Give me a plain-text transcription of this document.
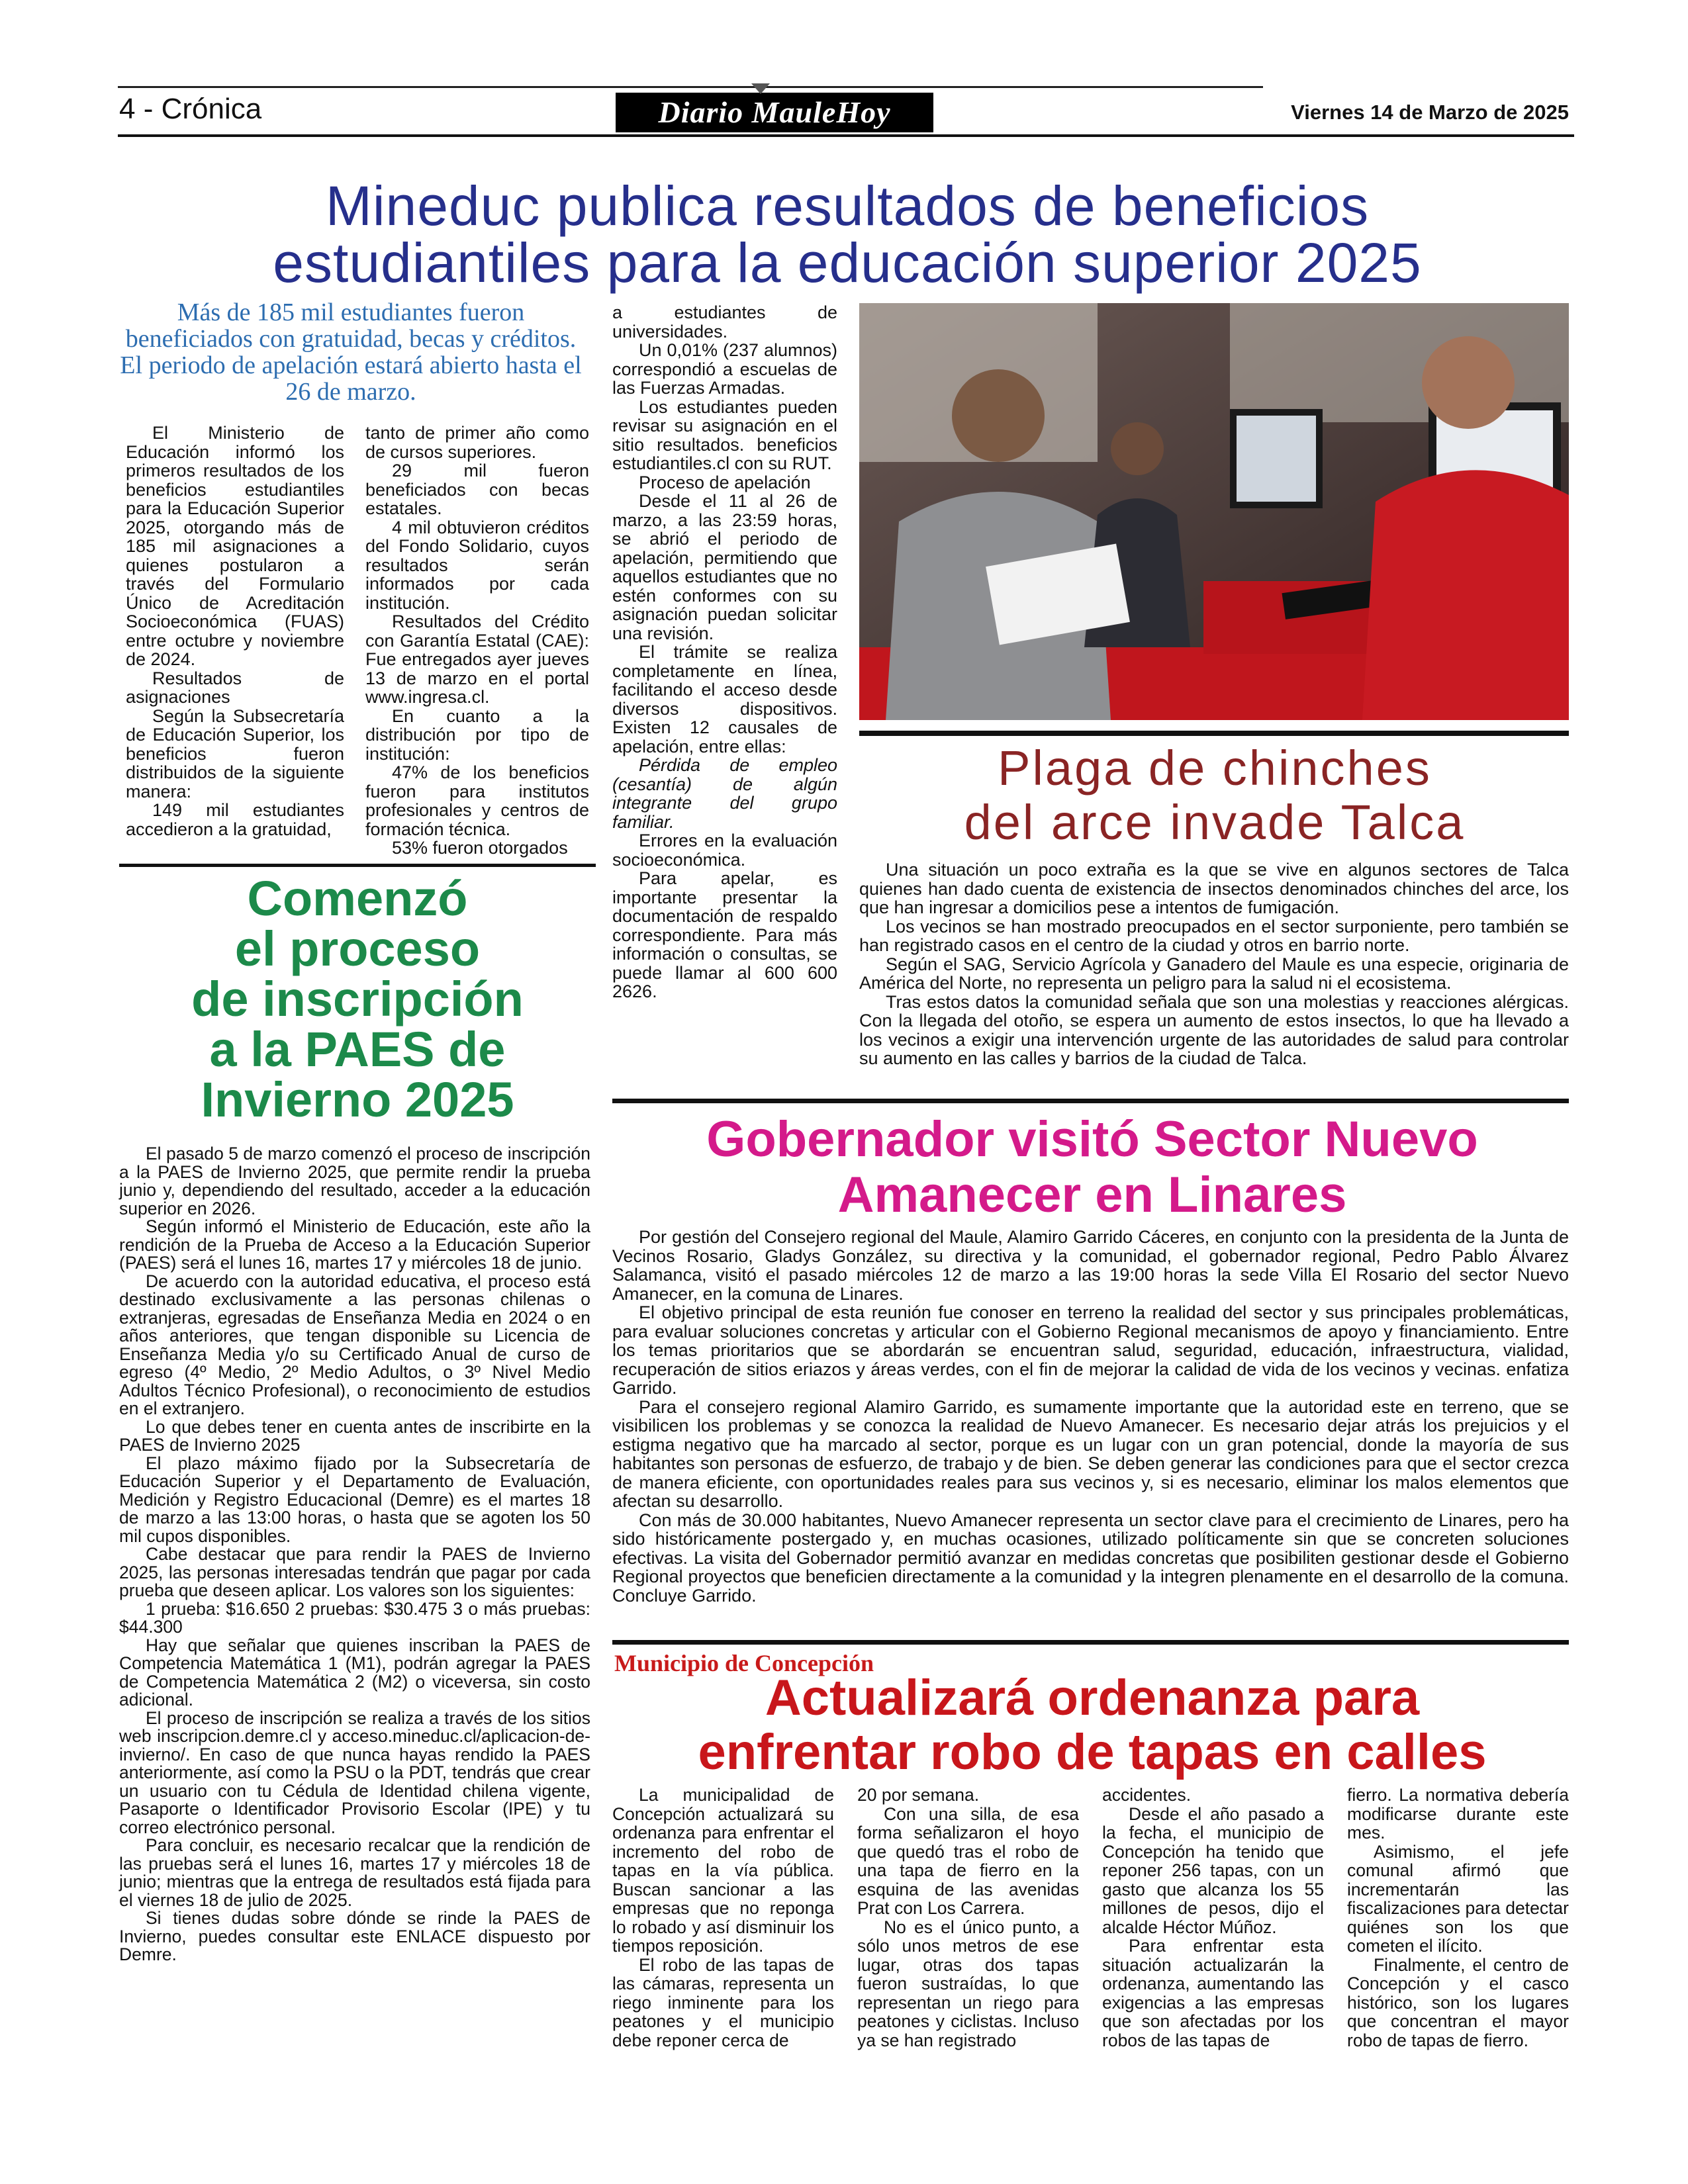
4 - Crónica	Diario MauleHoy	Viernes 14 de Marzo de 2025
Mineduc publica resultados de beneficios
estudiantiles para la educación superior 2025
Más de 185 mil estudiantes fueron beneficiados con gratuidad, becas y créditos. El periodo de apelación estará abierto hasta el 26 de marzo.

El Ministerio de Educación informó los primeros resultados de los beneficios estudiantiles para la Educación Superior 2025, otorgando más de 185 mil asignaciones a quienes postularon a través del Formulario Único de Acreditación Socioeconómica (FUAS) entre octubre y noviembre de 2024.

Resultados de asignaciones

Según la Subsecretaría de Educación Superior, los beneficios fueron distribuidos de la siguiente manera:

149 mil estudiantes accedieron a la gratuidad,

tanto de primer año como de cursos superiores.

29 mil fueron beneficiados con becas estatales.

4 mil obtuvieron créditos del Fondo Solidario, cuyos resultados serán informados por cada institución.

Resultados del Crédito con Garantía Estatal (CAE): Fue entregados ayer jueves 13 de marzo en el portal www.ingresa.cl.

En cuanto a la distribución por tipo de institución:

47% de los beneficios fueron para institutos profesionales y centros de formación técnica.

53% fueron otorgados

a estudiantes de universidades.

Un 0,01% (237 alumnos) correspondió a escuelas de las Fuerzas Armadas.

Los estudiantes pueden revisar su asignación en el sitio resultados. beneficios estudiantiles.cl con su RUT.

Proceso de apelación

Desde el 11 al 26 de marzo, a las 23:59 horas, se abrió el periodo de apelación, permitiendo que aquellos estudiantes que no estén conformes con su asignación puedan solicitar una revisión.

El trámite se realiza completamente en línea, facilitando el acceso desde diversos dispositivos. Existen 12 causales de apelación, entre ellas:

Pérdida de empleo (cesantía) de algún integrante del grupo familiar.

Errores en la evaluación socioeconómica.

Para apelar, es importante presentar la documentación de respaldo correspondiente. Para más información o consultas, se puede llamar al 600 600 2626.

Plaga de chinches
del arce invade Talca

Una situación un poco extraña es la que se vive en algunos sectores de Talca quienes han dado cuenta de existencia de insectos denominados chinches del arce, los que han ingresar a domicilios pese a intentos de fumigación.

Los vecinos se han mostrado preocupados en el sector surponiente, pero también se han registrado casos en el centro de la ciudad y otros en barrio norte.

Según el SAG, Servicio Agrícola y Ganadero del Maule es una especie, originaria de América del Norte, no representa un peligro para la salud ni el ecosistema.

Tras estos datos la comunidad señala que son una molestias y reacciones alérgicas. Con la llegada del otoño, se espera un aumento de estos insectos, lo que ha llevado a los vecinos a exigir una intervención urgente de las autoridades de salud para controlar su aumento en las calles y barrios de la ciudad de Talca.

Comenzó
el proceso
de inscripción
a la PAES de
Invierno 2025

El pasado 5 de marzo comenzó el proceso de inscripción a la PAES de Invierno 2025, que permite rendir la prueba junio y, dependiendo del resultado, acceder a la educación superior en 2026.

Según informó el Ministerio de Educación, este año la rendición de la Prueba de Acceso a la Educación Superior (PAES) será el lunes 16, martes 17 y miércoles 18 de junio.

De acuerdo con la autoridad educativa, el proceso está destinado exclusivamente a las personas chilenas o extranjeras, egresadas de Enseñanza Media en 2024 o en años anteriores, que tengan disponible su Licencia de Enseñanza Media y/o su Certificado Anual de curso de egreso (4º Medio, 2º Medio Adultos, o 3º Nivel Medio Adultos Técnico Profesional), o reconocimiento de estudios en el extranjero.

Lo que debes tener en cuenta antes de inscribirte en la PAES de Invierno 2025

El plazo máximo fijado por la Subsecretaría de Educación Superior y el Departamento de Evaluación, Medición y Registro Educacional (Demre) es el martes 18 de marzo a las 13:00 horas, o hasta que se agoten los 50 mil cupos disponibles.

Cabe destacar que para rendir la PAES de Invierno 2025, las personas interesadas tendrán que pagar por cada prueba que deseen aplicar. Los valores son los siguientes:

1 prueba: $16.650 2 pruebas: $30.475 3 o más pruebas: $44.300

Hay que señalar que quienes inscriban la PAES de Competencia Matemática 1 (M1), podrán agregar la PAES de Competencia Matemática 2 (M2) o viceversa, sin costo adicional.

El proceso de inscripción se realiza a través de los sitios web inscripcion.demre.cl y acceso.mineduc.cl/aplicacion-de-invierno/. En caso de que nunca hayas rendido la PAES anteriormente, así como la PSU o la PDT, tendrás que crear un usuario con tu Cédula de Identidad chilena vigente, Pasaporte o Identificador Provisorio Escolar (IPE) y tu correo electrónico personal.

Para concluir, es necesario recalcar que la rendición de las pruebas será el lunes 16, martes 17 y miércoles 18 de junio; mientras que la entrega de resultados está fijada para el viernes 18 de julio de 2025.

Si tienes dudas sobre dónde se rinde la PAES de Invierno, puedes consultar este ENLACE dispuesto por Demre.

Gobernador visitó Sector Nuevo
Amanecer en Linares

Por gestión del Consejero regional del Maule, Alamiro Garrido Cáceres, en conjunto con la presidenta de la Junta de Vecinos Rosario, Gladys González, su directiva y la comunidad, el gobernador regional, Pedro Pablo Álvarez Salamanca, visitó el pasado miércoles 12 de marzo a las 19:00 horas la sede Villa El Rosario del sector Nuevo Amanecer, en la comuna de Linares.

El objetivo principal de esta reunión fue conoser en terreno la realidad del sector y sus principales problemáticas, para evaluar soluciones concretas y articular con el Gobierno Regional mecanismos de apoyo y financiamiento. Entre los temas prioritarios que se abordarán se encuentran salud, seguridad, educación, infraestructura, vialidad, recuperación de sitios eriazos y áreas verdes, con el fin de mejorar la calidad de vida de los vecinos y vecinas. enfatiza Garrido.

Para el consejero regional Alamiro Garrido, es sumamente importante que la autoridad este en terreno, que se visibilicen los problemas y se conozca la realidad de Nuevo Amanecer. Es necesario dejar atrás los prejuicios y el estigma negativo que ha marcado al sector, porque es un lugar con un gran potencial, donde la mayoría de sus habitantes son personas de esfuerzo, de trabajo y de bien. Se deben generar las condiciones para que el sector crezca de manera eficiente, con oportunidades reales para sus vecinos y, si es necesario, eliminar los malos elementos que afectan su desarrollo.

Con más de 30.000 habitantes, Nuevo Amanecer representa un sector clave para el crecimiento de Linares, pero ha sido históricamente postergado y, en muchas ocasiones, utilizado políticamente sin que se concreten soluciones efectivas. La visita del Gobernador permitió avanzar en medidas concretas que posibiliten gestionar desde el Gobierno Regional proyectos que beneficien directamente a la comunidad y la integren plenamente en el desarrollo de la comuna. Concluye Garrido.

Municipio de Concepción
Actualizará ordenanza para
enfrentar robo de tapas en calles

La municipalidad de Concepción actualizará su ordenanza para enfrentar el incremento del robo de tapas en la vía pública. Buscan sancionar a las empresas que no reponga lo robado y así disminuir los tiempos reposición.

El robo de las tapas de las cámaras, representa un riego inminente para los peatones y el municipio debe reponer cerca de

20 por semana.

Con una silla, de esa forma señalizaron el hoyo que quedó tras el robo de una tapa de fierro en la esquina de las avenidas Prat con Los Carrera.

No es el único punto, a sólo unos metros de ese lugar, otras dos tapas fueron sustraídas, lo que representan un riego para peatones y ciclistas. Incluso ya se han registrado

accidentes.

Desde el año pasado a la fecha, el municipio de Concepción ha tenido que reponer 256 tapas, con un gasto que alcanza los 55 millones de pesos, dijo el alcalde Héctor Múñoz.

Para enfrentar esta situación actualizarán la ordenanza, aumentando las exigencias a las empresas que son afectadas por los robos de las tapas de

fierro. La normativa debería modificarse durante este mes.

Asimismo, el jefe comunal afirmó que incrementarán las fiscalizaciones para detectar quiénes son los que cometen el ilícito.

Finalmente, el centro de Concepción y el casco histórico, son los lugares que concentran el mayor robo de tapas de fierro.
